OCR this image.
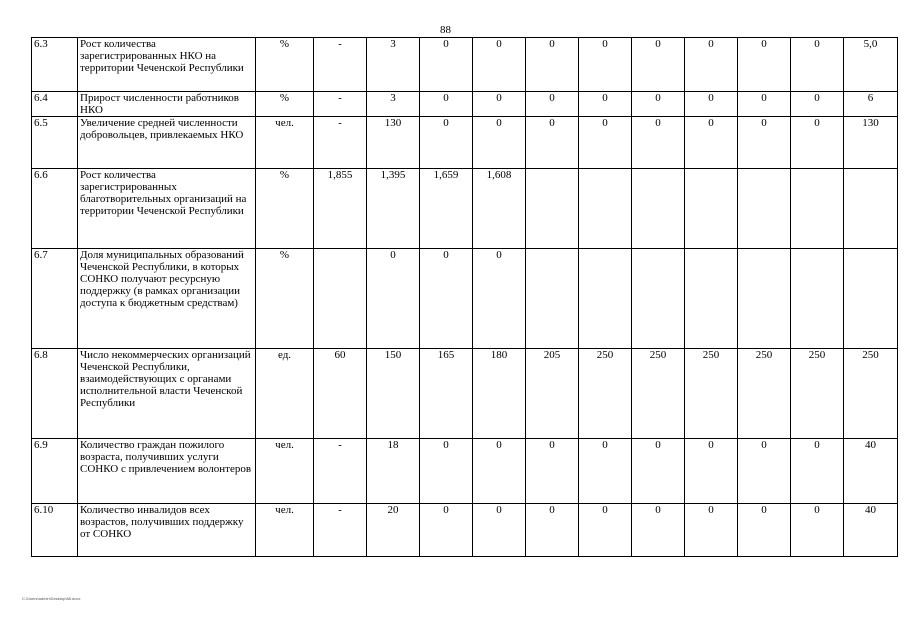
88
6.3	Рост количества зарегистрированных НКО на территории Чеченской Республики	%	-	3	0	0	0	0	0	0	0	0	5,0
6.4	Прирост численности работников НКО	%	-	3	0	0	0	0	0	0	0	0	6
6.5	Увеличение средней численности добровольцев, привлекаемых НКО	чел.	-	130	0	0	0	0	0	0	0	0	130
6.6	Рост количества зарегистрированных благотворительных организаций на территории Чеченской Республики	%	1,855	1,395	1,659	1,608							
6.7	Доля муниципальных образований Чеченской Республики, в которых СОНКО получают ресурсную поддержку (в рамках организации доступа к бюджетным средствам)	%		0	0	0							
6.8	Число некоммерческих организаций Чеченской Республики, взаимодействующих с органами исполнительной власти Чеченской Республики	ед.	60	150	165	180	205	250	250	250	250	250	250
6.9	Количество граждан пожилого возраста, получивших услуги СОНКО с привлечением волонтеров	чел.	-	18	0	0	0	0	0	0	0	0	40
6.10	Количество инвалидов всех возрастов, получивших поддержку от СОНКО	чел.	-	20	0	0	0	0	0	0	0	0	40
С:\Users\admin\Desktop\88.docx
